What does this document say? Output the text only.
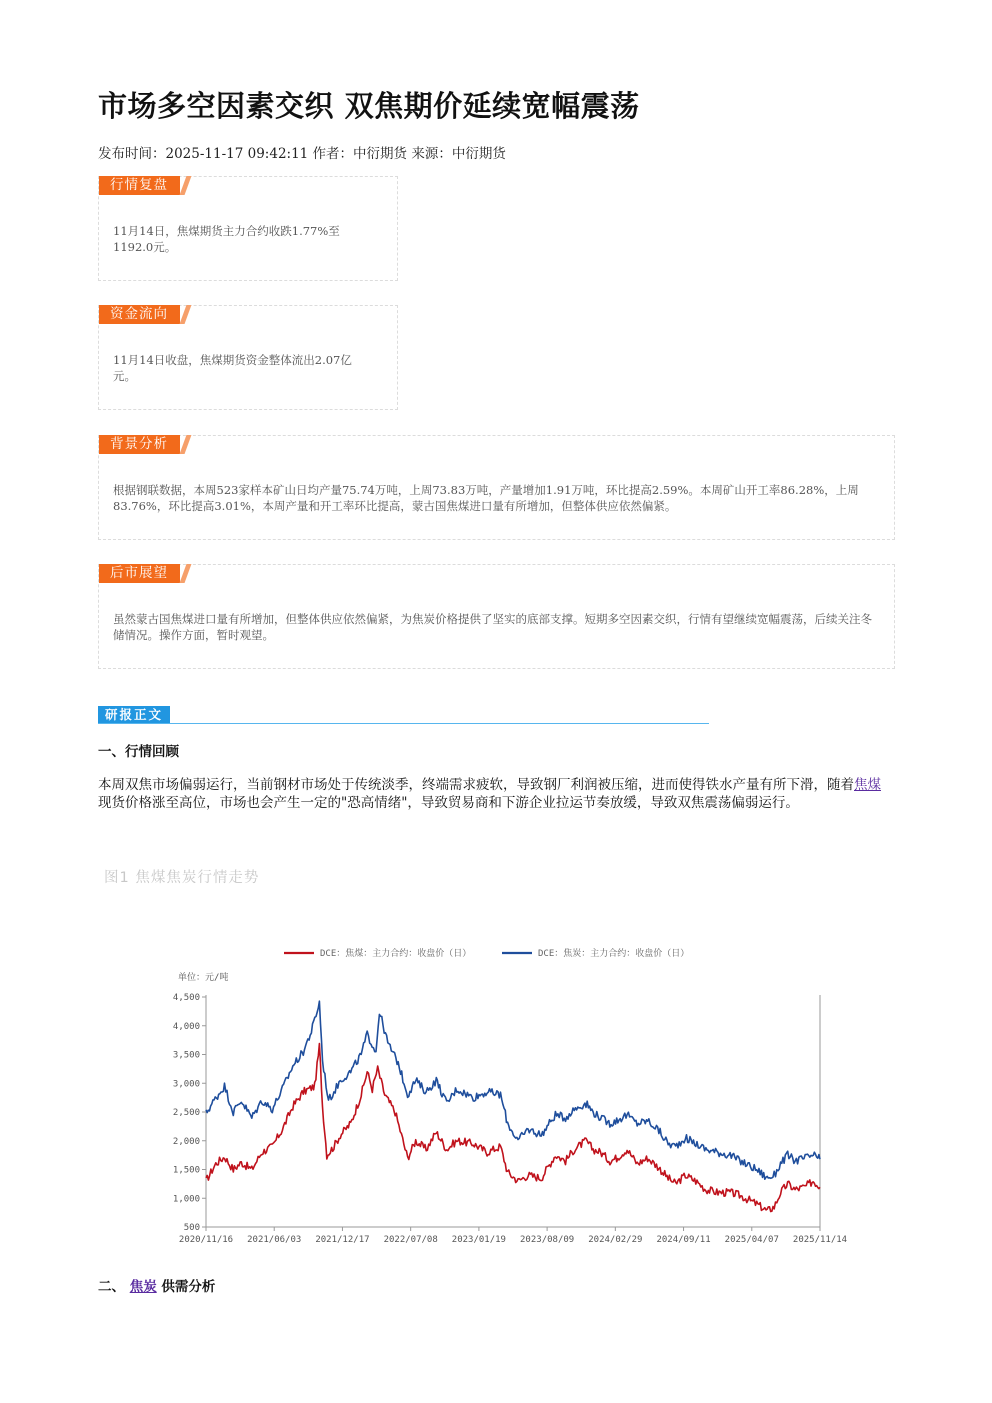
市场多空因素交织 双焦期价延续宽幅震荡
发布时间：2025-11-17 09:42:11 作者：中衍期货 来源：中衍期货
行情复盘

11月14日，焦煤期货主力合约收跌1.77%至1192.0元。

资金流向

11月14日收盘，焦煤期货资金整体流出2.07亿元。

背景分析

根据钢联数据，本周523家样本矿山日均产量75.74万吨，上周73.83万吨，产量增加1.91万吨，环比提高2.59%。本周矿山开工率86.28%，上周83.76%，环比提高3.01%，本周产量和开工率环比提高，蒙古国焦煤进口量有所增加，但整体供应依然偏紧。

后市展望

虽然蒙古国焦煤进口量有所增加，但整体供应依然偏紧，为焦炭价格提供了坚实的底部支撑。短期多空因素交织，行情有望继续宽幅震荡，后续关注冬储情况。操作方面，暂时观望。

研报正文
一、行情回顾

本周双焦市场偏弱运行，当前钢材市场处于传统淡季，终端需求疲软，导致钢厂利润被压缩，进而使得铁水产量有所下滑，随着焦煤现货价格涨至高位，市场也会产生一定的"恐高情绪"，导致贸易商和下游企业拉运节奏放缓，导致双焦震荡偏弱运行。

图1 焦煤焦炭行情走势
DCE：焦煤：主力合约：收盘价（日）	DCE：焦炭：主力合约：收盘价（日）
单位：元/吨
500
1,000
1,500
2,000
2,500
3,000
3,500
4,000
4,500
2020/11/16 2021/06/03 2021/12/17 2022/07/08 2023/01/19 2023/08/09 2024/02/29 2024/09/11 2025/04/07 2025/11/14
二、 焦炭 供需分析
